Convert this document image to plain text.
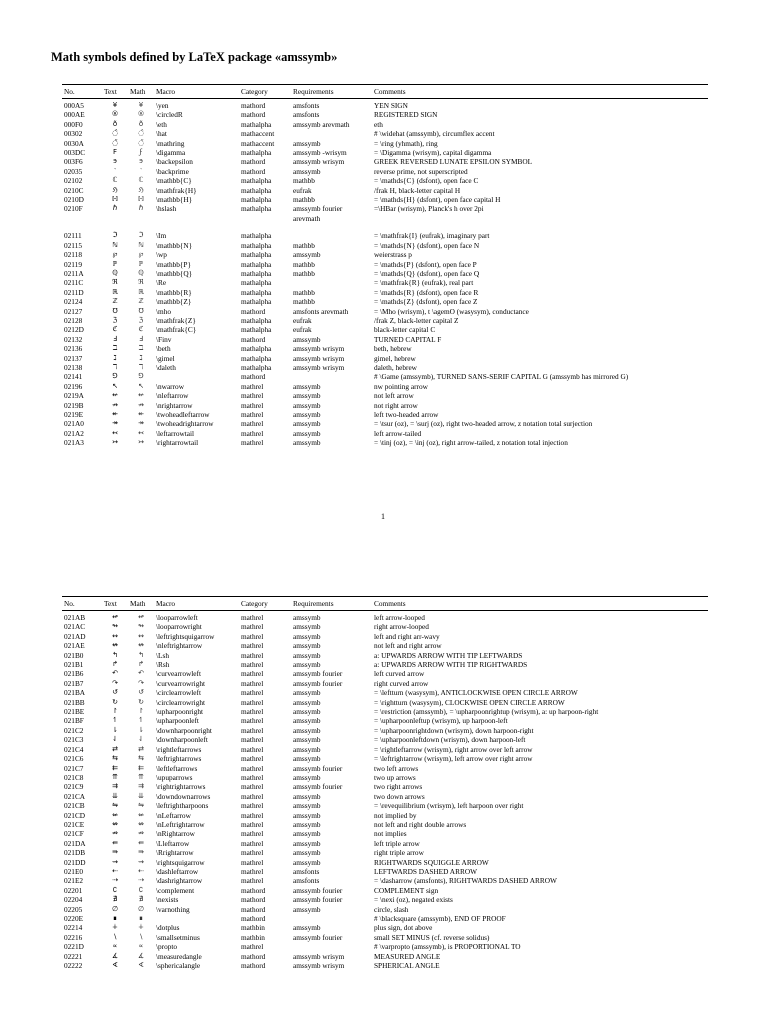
Math symbols defined by LaTeX package «amssymb»
No.	Text	Math	Macro	Category	Requirements	Comments
000A5	¥	¥	\yen	mathord	amsfonts	YEN SIGN
000AE	®	®	\circledR	mathord	amsfonts	REGISTERED SIGN
000F0	ð	ð	\eth	mathalpha	amssymb arevmath	eth
00302	◌̂	◌̂	\hat	mathaccent		# \widehat (amssymb), circumflex accent
0030A	◌̊	◌̊	\mathring	mathaccent	amssymb	= \ring (yhmath), ring
003DC	Ϝ	ϝ	\digamma	mathalpha	amssymb -wrisym	= \Digamma (wrisym), capital digamma
003F6	϶	϶	\backepsilon	mathord	amssymb wrisym	GREEK REVERSED LUNATE EPSILON SYMBOL
02035	‵	‵	\backprime	mathord	amssymb	reverse prime, not superscripted
02102	ℂ	ℂ	\mathbb{C}	mathalpha	mathbb	= \mathds{C} (dsfont), open face C
0210C	ℌ	ℌ	\mathfrak{H}	mathalpha	eufrak	/frak H, black-letter capital H
0210D	ℍ	ℍ	\mathbb{H}	mathalpha	mathbb	= \mathds{H} (dsfont), open face capital H
0210F	ℏ	ℏ	\hslash	mathalpha	amssymb fourier arevmath	=\HBar (wrisym), Planck's h over 2pi
02111	ℑ	ℑ	\Im	mathalpha		= \mathfrak{I} (eufrak), imaginary part
02115	ℕ	ℕ	\mathbb{N}	mathalpha	mathbb	= \mathds{N} (dsfont), open face N
02118	℘	℘	\wp	mathalpha	amssymb	weierstrass p
02119	ℙ	ℙ	\mathbb{P}	mathalpha	mathbb	= \mathds{P} (dsfont), open face P
0211A	ℚ	ℚ	\mathbb{Q}	mathalpha	mathbb	= \mathds{Q} (dsfont), open face Q
0211C	ℜ	ℜ	\Re	mathalpha		= \mathfrak{R} (eufrak), real part
0211D	ℝ	ℝ	\mathbb{R}	mathalpha	mathbb	= \mathds{R} (dsfont), open face R
02124	ℤ	ℤ	\mathbb{Z}	mathalpha	mathbb	= \mathds{Z} (dsfont), open face Z
02127	℧	℧	\mho	mathord	amsfonts arevmath	= \Mho (wrisym), t \agemO (wasysym), conductance
02128	ℨ	ℨ	\mathfrak{Z}	mathalpha	eufrak	/frak Z, black-letter capital Z
0212D	ℭ	ℭ	\mathfrak{C}	mathalpha	eufrak	black-letter capital C
02132	Ⅎ	Ⅎ	\Finv	mathord	amssymb	TURNED CAPITAL F
02136	ℶ	ℶ	\beth	mathalpha	amssymb wrisym	beth, hebrew
02137	ℷ	ℷ	\gimel	mathalpha	amssymb wrisym	gimel, hebrew
02138	ℸ	ℸ	\daleth	mathalpha	amssymb wrisym	daleth, hebrew
02141	⅁	⅁		mathord		# \Game (amssymb), TURNED SANS-SERIF CAPITAL G (amssymb has mirrored G)
02196	↖	↖	\nwarrow	mathrel	amssymb	nw pointing arrow
0219A	↚	↚	\nleftarrow	mathrel	amssymb	not left arrow
0219B	↛	↛	\nrightarrow	mathrel	amssymb	not right arrow
0219E	↞	↞	\twoheadleftarrow	mathrel	amssymb	left two-headed arrow
021A0	↠	↠	\twoheadrightarrow	mathrel	amssymb	= \tsur (oz), = \surj (oz), right two-headed arrow, z notation total surjection
021A2	↢	↢	\leftarrowtail	mathrel	amssymb	left arrow-tailed
021A3	↣	↣	\rightarrowtail	mathrel	amssymb	= \tinj (oz), = \inj (oz), right arrow-tailed, z notation total injection
1
No.	Text	Math	Macro	Category	Requirements	Comments
021AB	↫	↫	\looparrowleft	mathrel	amssymb	left arrow-looped
021AC	↬	↬	\looparrowright	mathrel	amssymb	right arrow-looped
021AD	↭	↭	\leftrightsquigarrow	mathrel	amssymb	left and right arr-wavy
021AE	↮	↮	\nleftrightarrow	mathrel	amssymb	not left and right arrow
021B0	↰	↰	\Lsh	mathrel	amssymb	a: UPWARDS ARROW WITH TIP LEFTWARDS
021B1	↱	↱	\Rsh	mathrel	amssymb	a: UPWARDS ARROW WITH TIP RIGHTWARDS
021B6	↶	↶	\curvearrowleft	mathrel	amssymb fourier	left curved arrow
021B7	↷	↷	\curvearrowright	mathrel	amssymb fourier	right curved arrow
021BA	↺	↺	\circlearrowleft	mathrel	amssymb	= \leftturn (wasysym), ANTICLOCKWISE OPEN CIRCLE ARROW
021BB	↻	↻	\circlearrowright	mathrel	amssymb	= \rightturn (wasysym), CLOCKWISE OPEN CIRCLE ARROW
021BE	↾	↾	\upharpoonright	mathrel	amssymb	= \restriction (amssymb), = \upharpoonrightup (wrisym), a: up harpoon-right
021BF	↿	↿	\upharpoonleft	mathrel	amssymb	= \upharpoonleftup (wrisym), up harpoon-left
021C2	⇂	⇂	\downharpoonright	mathrel	amssymb	= \upharpoonrightdown (wrisym), down harpoon-right
021C3	⇃	⇃	\downharpoonleft	mathrel	amssymb	= \upharpoonleftdown (wrisym), down harpoon-left
021C4	⇄	⇄	\rightleftarrows	mathrel	amssymb	= \rightleftarrow (wrisym), right arrow over left arrow
021C6	⇆	⇆	\leftrightarrows	mathrel	amssymb	= \leftrightarrow (wrisym), left arrow over right arrow
021C7	⇇	⇇	\leftleftarrows	mathrel	amssymb fourier	two left arrows
021C8	⇈	⇈	\upuparrows	mathrel	amssymb	two up arrows
021C9	⇉	⇉	\rightrightarrows	mathrel	amssymb fourier	two right arrows
021CA	⇊	⇊	\downdownarrows	mathrel	amssymb	two down arrows
021CB	⇋	⇋	\leftrightharpoons	mathrel	amssymb	= \revequilibrium (wrisym), left harpoon over right
021CD	⇍	⇍	\nLeftarrow	mathrel	amssymb	not implied by
021CE	⇎	⇎	\nLeftrightarrow	mathrel	amssymb	not left and right double arrows
021CF	⇏	⇏	\nRightarrow	mathrel	amssymb	not implies
021DA	⇚	⇚	\Lleftarrow	mathrel	amssymb	left triple arrow
021DB	⇛	⇛	\Rrightarrow	mathrel	amssymb	right triple arrow
021DD	⇝	⇝	\rightsquigarrow	mathrel	amssymb	RIGHTWARDS SQUIGGLE ARROW
021E0	⇠	⇠	\dashleftarrow	mathrel	amsfonts	LEFTWARDS DASHED ARROW
021E2	⇢	⇢	\dashrightarrow	mathrel	amsfonts	= \dasharrow (amsfonts), RIGHTWARDS DASHED ARROW
02201	∁	∁	\complement	mathord	amssymb fourier	COMPLEMENT sign
02204	∄	∄	\nexists	mathord	amssymb fourier	= \nexi (oz), negated exists
02205	∅	∅	\varnothing	mathord	amssymb	circle, slash
0220E	∎	∎		mathord		# \blacksquare (amssymb), END OF PROOF
02214	∔	∔	\dotplus	mathbin	amssymb	plus sign, dot above
02216	∖	∖	\smallsetminus	mathbin	amssymb fourier	small SET MINUS (cf. reverse solidus)
0221D	∝	∝	\propto	mathrel		# \varpropto (amssymb), is PROPORTIONAL TO
02221	∡	∡	\measuredangle	mathord	amssymb wrisym	MEASURED ANGLE
02222	∢	∢	\sphericalangle	mathord	amssymb wrisym	SPHERICAL ANGLE
